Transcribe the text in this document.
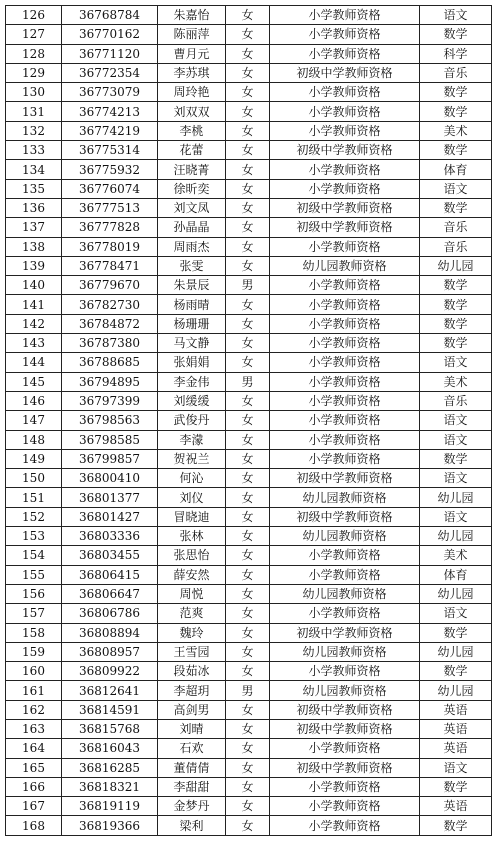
126	36768784	朱嘉怡	女	小学教师资格	语文
127	36770162	陈丽萍	女	小学教师资格	数学
128	36771120	曹月元	女	小学教师资格	科学
129	36772354	李苏琪	女	初级中学教师资格	音乐
130	36773079	周玲艳	女	小学教师资格	数学
131	36774213	刘双双	女	小学教师资格	数学
132	36774219	李桃	女	小学教师资格	美术
133	36775314	花蕾	女	初级中学教师资格	数学
134	36775932	汪晓菁	女	小学教师资格	体育
135	36776074	徐昕奕	女	小学教师资格	语文
136	36777513	刘文凤	女	初级中学教师资格	数学
137	36777828	孙晶晶	女	初级中学教师资格	音乐
138	36778019	周雨杰	女	小学教师资格	音乐
139	36778471	张雯	女	幼儿园教师资格	幼儿园
140	36779670	朱景辰	男	小学教师资格	数学
141	36782730	杨雨晴	女	小学教师资格	数学
142	36784872	杨珊珊	女	小学教师资格	数学
143	36787380	马文静	女	小学教师资格	数学
144	36788685	张娟娟	女	小学教师资格	语文
145	36794895	李金伟	男	小学教师资格	美术
146	36797399	刘缓缓	女	小学教师资格	音乐
147	36798563	武俊丹	女	小学教师资格	语文
148	36798585	李濛	女	小学教师资格	语文
149	36799857	贺祝兰	女	小学教师资格	数学
150	36800410	何沁	女	初级中学教师资格	语文
151	36801377	刘仪	女	幼儿园教师资格	幼儿园
152	36801427	冒晓迪	女	初级中学教师资格	语文
153	36803336	张林	女	幼儿园教师资格	幼儿园
154	36803455	张思怡	女	小学教师资格	美术
155	36806415	薛安然	女	小学教师资格	体育
156	36806647	周悦	女	幼儿园教师资格	幼儿园
157	36806786	范爽	女	小学教师资格	语文
158	36808894	魏玲	女	初级中学教师资格	数学
159	36808957	王雪园	女	幼儿园教师资格	幼儿园
160	36809922	段茹冰	女	小学教师资格	数学
161	36812641	李超玥	男	幼儿园教师资格	幼儿园
162	36814591	高剑男	女	初级中学教师资格	英语
163	36815768	刘晴	女	初级中学教师资格	英语
164	36816043	石欢	女	小学教师资格	英语
165	36816285	董倩倩	女	初级中学教师资格	语文
166	36818321	李甜甜	女	小学教师资格	数学
167	36819119	金梦丹	女	小学教师资格	英语
168	36819366	梁利	女	小学教师资格	数学
